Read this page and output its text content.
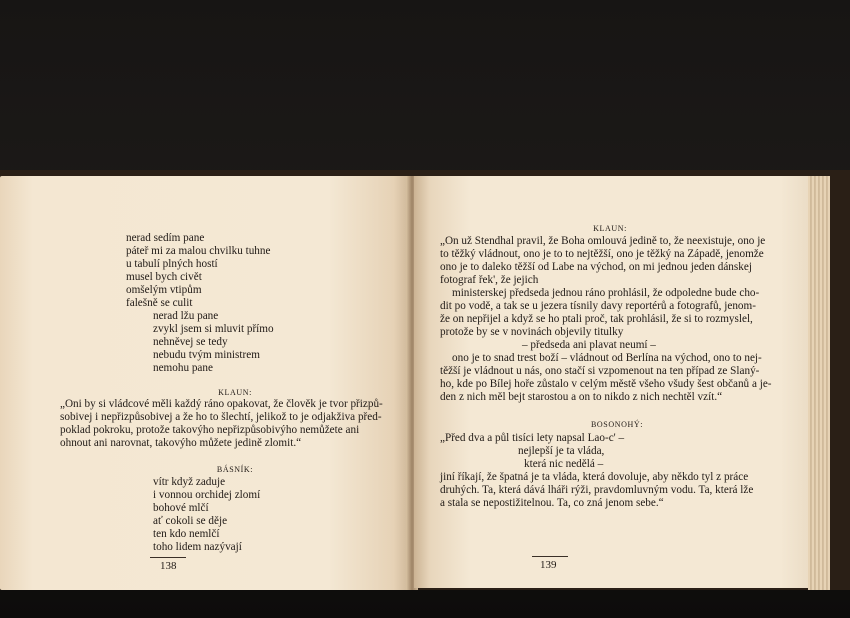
nerad sedím pane
páteř mi za malou chvilku tuhne
u tabulí plných hostí
musel bych civět
omšelým vtipům
falešně se culit
nerad lžu pane
zvykl jsem si mluvit přímo
nehněvej se tedy
nebudu tvým ministrem
nemohu pane
KLAUN:
„Oni by si vládcové měli každý ráno opakovat, že člověk je tvor přizpů-
sobivej i nepřizpůsobivej a že ho to šlechtí, jelikož to je odjakživa před-
poklad pokroku, protože takovýho nepřizpůsobivýho nemůžete ani
ohnout ani narovnat, takovýho můžete jedině zlomit.“
BÁSNÍK:
vítr když zaduje
i vonnou orchidej zlomí
bohové mlčí
ať cokoli se děje
ten kdo nemlčí
toho lidem nazývají
138
KLAUN:
„On už Stendhal pravil, že Boha omlouvá jedině to, že neexistuje, ono je
to těžký vládnout, ono je to to nejtěžší, ono je těžký na Západě, jenomže
ono je to daleko těžší od Labe na východ, on mi jednou jeden dánskej
fotograf řek', že jejich
ministerskej předseda jednou ráno prohlásil, že odpoledne bude cho-
dit po vodě, a tak se u jezera tísnily davy reportérů a fotografů, jenom-
že on nepřijel a když se ho ptali proč, tak prohlásil, že si to rozmyslel,
protože by se v novinách objevily titulky
– předseda ani plavat neumí –
ono je to snad trest boží – vládnout od Berlína na východ, ono to nej-
těžší je vládnout u nás, ono stačí si vzpomenout na ten případ ze Slaný-
ho, kde po Bílej hoře zůstalo v celým městě všeho všudy šest občanů a je-
den z nich měl bejt starostou a on to nikdo z nich nechtěl vzít.“
BOSONOHÝ:
„Před dva a půl tisíci lety napsal Lao-c' –
nejlepší je ta vláda,
která nic nedělá –
jiní říkají, že špatná je ta vláda, která dovoluje, aby někdo tyl z práce
druhých. Ta, která dává lháři rýži, pravdomluvným vodu. Ta, která lže
a stala se nepostižitelnou. Ta, co zná jenom sebe.“
139
